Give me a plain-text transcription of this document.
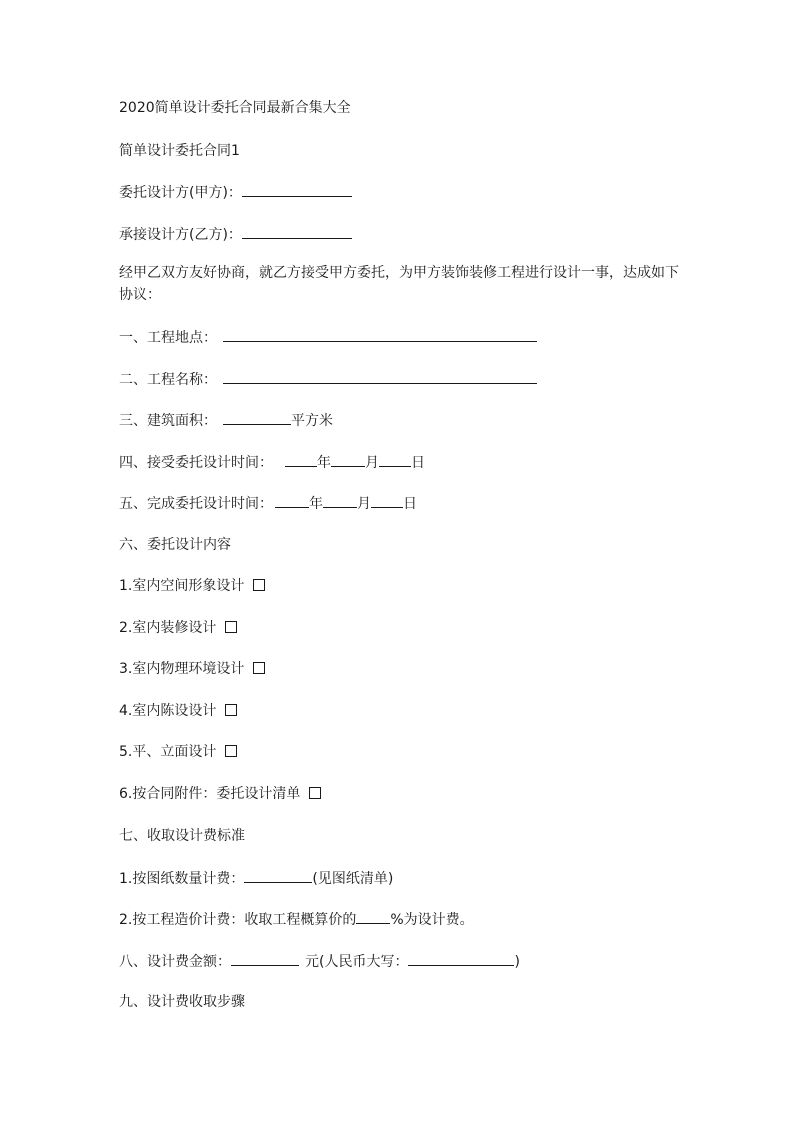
2020简单设计委托合同最新合集大全
简单设计委托合同1
委托设计方(甲方)：
承接设计方(乙方)：
经甲乙双方友好协商，就乙方接受甲方委托，为甲方装饰装修工程进行设计一事，达成如下协议：
一、工程地点：
二、工程名称：
三、建筑面积：	平方米
四、接受委托设计时间：	年 月 日
五、完成委托设计时间：	年 月 日
六、委托设计内容
1.室内空间形象设计
2.室内装修设计
3.室内物理环境设计
4.室内陈设设计
5.平、立面设计
6.按合同附件：委托设计清单
七、收取设计费标准
1.按图纸数量计费：	(见图纸清单)
2.按工程造价计费：收取工程概算价的 %为设计费。
八、设计费金额：	元(人民币大写：	)
九、设计费收取步骤
